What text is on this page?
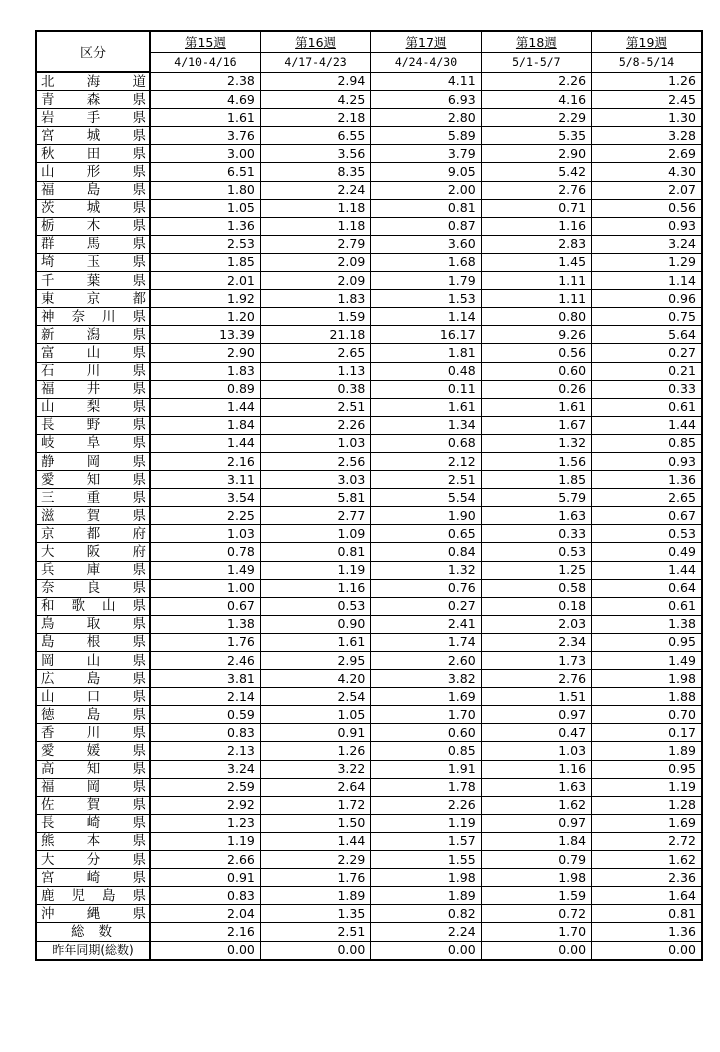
区分	第15週	第16週	第17週	第18週	第19週
	4/10-4/16	4/17-4/23	4/24-4/30	5/1-5/7	5/8-5/14
北海道	2.38	2.94	4.11	2.26	1.26
青森県	4.69	4.25	6.93	4.16	2.45
岩手県	1.61	2.18	2.80	2.29	1.30
宮城県	3.76	6.55	5.89	5.35	3.28
秋田県	3.00	3.56	3.79	2.90	2.69
山形県	6.51	8.35	9.05	5.42	4.30
福島県	1.80	2.24	2.00	2.76	2.07
茨城県	1.05	1.18	0.81	0.71	0.56
栃木県	1.36	1.18	0.87	1.16	0.93
群馬県	2.53	2.79	3.60	2.83	3.24
埼玉県	1.85	2.09	1.68	1.45	1.29
千葉県	2.01	2.09	1.79	1.11	1.14
東京都	1.92	1.83	1.53	1.11	0.96
神奈川県	1.20	1.59	1.14	0.80	0.75
新潟県	13.39	21.18	16.17	9.26	5.64
富山県	2.90	2.65	1.81	0.56	0.27
石川県	1.83	1.13	0.48	0.60	0.21
福井県	0.89	0.38	0.11	0.26	0.33
山梨県	1.44	2.51	1.61	1.61	0.61
長野県	1.84	2.26	1.34	1.67	1.44
岐阜県	1.44	1.03	0.68	1.32	0.85
静岡県	2.16	2.56	2.12	1.56	0.93
愛知県	3.11	3.03	2.51	1.85	1.36
三重県	3.54	5.81	5.54	5.79	2.65
滋賀県	2.25	2.77	1.90	1.63	0.67
京都府	1.03	1.09	0.65	0.33	0.53
大阪府	0.78	0.81	0.84	0.53	0.49
兵庫県	1.49	1.19	1.32	1.25	1.44
奈良県	1.00	1.16	0.76	0.58	0.64
和歌山県	0.67	0.53	0.27	0.18	0.61
鳥取県	1.38	0.90	2.41	2.03	1.38
島根県	1.76	1.61	1.74	2.34	0.95
岡山県	2.46	2.95	2.60	1.73	1.49
広島県	3.81	4.20	3.82	2.76	1.98
山口県	2.14	2.54	1.69	1.51	1.88
徳島県	0.59	1.05	1.70	0.97	0.70
香川県	0.83	0.91	0.60	0.47	0.17
愛媛県	2.13	1.26	0.85	1.03	1.89
高知県	3.24	3.22	1.91	1.16	0.95
福岡県	2.59	2.64	1.78	1.63	1.19
佐賀県	2.92	1.72	2.26	1.62	1.28
長崎県	1.23	1.50	1.19	0.97	1.69
熊本県	1.19	1.44	1.57	1.84	2.72
大分県	2.66	2.29	1.55	0.79	1.62
宮崎県	0.91	1.76	1.98	1.98	2.36
鹿児島県	0.83	1.89	1.89	1.59	1.64
沖縄県	2.04	1.35	0.82	0.72	0.81
総数	2.16	2.51	2.24	1.70	1.36
昨年同期(総数)	0.00	0.00	0.00	0.00	0.00
